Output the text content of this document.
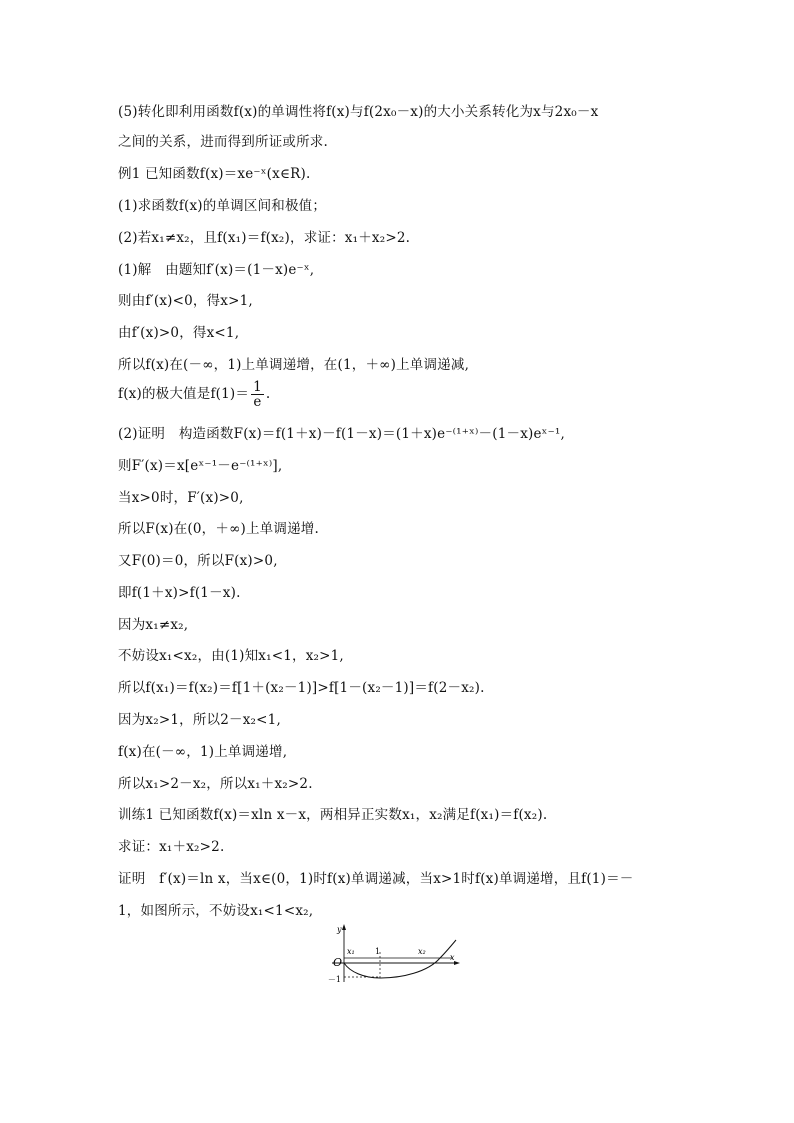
(5)转化即利用函数f(x)的单调性将f(x)与f(2x₀－x)的大小关系转化为x与2x₀－x
之间的关系，进而得到所证或所求.
例1 已知函数f(x)＝xe⁻ˣ(x∈R).
(1)求函数f(x)的单调区间和极值；
(2)若x₁≠x₂，且f(x₁)＝f(x₂)，求证：x₁＋x₂>2.
(1)解　由题知f′(x)＝(1－x)e⁻ˣ,
则由f′(x)<0，得x>1,
由f′(x)>0，得x<1,
所以f(x)在(－∞，1)上单调递增，在(1，＋∞)上单调递减,
f(x)的极大值是$f(1)= \frac{1}{e}$ .
(2)证明　构造函数F(x)＝f(1＋x)－f(1－x)＝(1＋x)e⁻⁽¹⁺ˣ⁾－(1－x)eˣ⁻¹,
则F′(x)＝x[eˣ⁻¹－e⁻⁽¹⁺ˣ⁾],
当x>0时，F′(x)>0,
所以F(x)在(0，＋∞)上单调递增.
又F(0)＝0，所以F(x)>0,
即f(1＋x)>f(1－x).
因为x₁≠x₂,
不妨设x₁<x₂，由(1)知x₁<1，x₂>1,
所以f(x₁)＝f(x₂)＝f[1＋(x₂－1)]>f[1－(x₂－1)]＝f(2－x₂).
因为x₂>1，所以2－x₂<1,
f(x)在(－∞，1)上单调递增,
所以x₁>2－x₂，所以x₁＋x₂>2.
训练1 已知函数f(x)＝xln x－x，两相异正实数x₁，x₂满足f(x₁)＝f(x₂).
求证：x₁＋x₂>2.
证明　f′(x)＝ln x，当x∈(0，1)时f(x)单调递减，当x>1时f(x)单调递增，且f(1)＝－
1，如图所示，不妨设x₁<1<x₂,
y
x
O
x₁	1	x₂
－1
